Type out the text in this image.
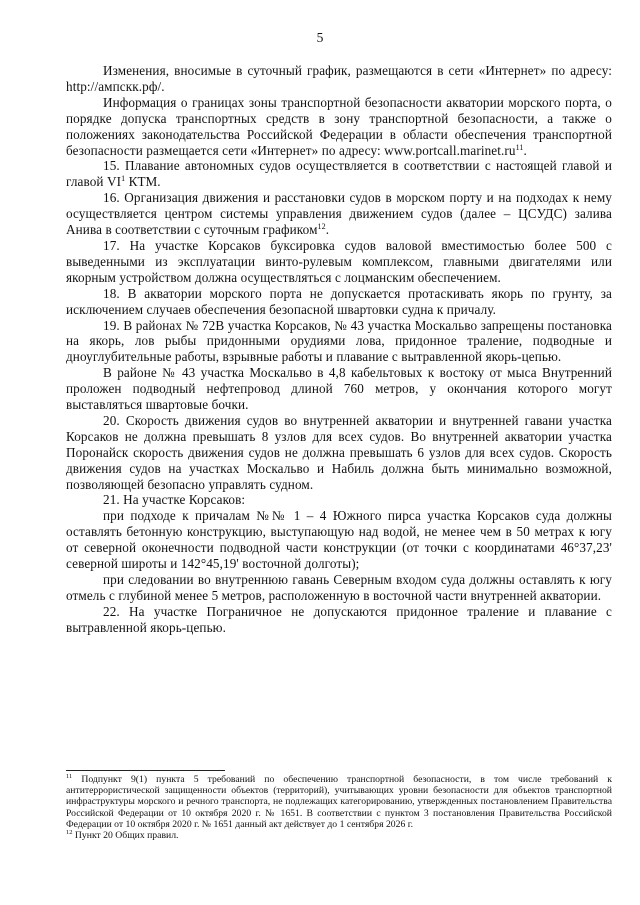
5

Изменения, вносимые в суточный график, размещаются в сети «Интернет» по адресу: http://ампскк.рф/.

Информация о границах зоны транспортной безопасности акватории морского порта, о порядке допуска транспортных средств в зону транспортной безопасности, а также о положениях законодательства Российской Федерации в области обеспечения транспортной безопасности размещается сети «Интернет» по адресу: $www.portcall.marinet.ru^{11}$.

15. Плавание автономных судов осуществляется в соответствии с настоящей главой и главой $VI^1$ КТМ.

16. Организация движения и расстановки судов в морском порту и на подходах к нему осуществляется центром системы управления движением судов (далее – ЦСУДС) залива Анива в соответствии с суточным графиком$^{12}$.

17. На участке Корсаков буксировка судов валовой вместимостью более 500 с выведенными из эксплуатации винто-рулевым комплексом, главными двигателями или якорным устройством должна осуществляться с лоцманским обеспечением.

18. В акватории морского порта не допускается протаскивать якорь по грунту, за исключением случаев обеспечения безопасной швартовки судна к причалу.

19. В районах № 72В участка Корсаков, № 43 участка Москальво запрещены постановка на якорь, лов рыбы придонными орудиями лова, придонное траление, подводные и дноуглубительные работы, взрывные работы и плавание с вытравленной якорь-цепью.

В районе № 43 участка Москальво в 4,8 кабельтовых к востоку от мыса Внутренний проложен подводный нефтепровод длиной 760 метров, у окончания которого могут выставляться швартовые бочки.

20. Скорость движения судов во внутренней акватории и внутренней гавани участка Корсаков не должна превышать 8 узлов для всех судов. Во внутренней акватории участка Поронайск скорость движения судов не должна превышать 6 узлов для всех судов. Скорость движения судов на участках Москальво и Набиль должна быть минимально возможной, позволяющей безопасно управлять судном.

21. На участке Корсаков:

при подходе к причалам №№ 1 – 4 Южного пирса участка Корсаков суда должны оставлять бетонную конструкцию, выступающую над водой, не менее чем в 50 метрах к югу от северной оконечности подводной части конструкции (от точки с координатами 46°37,23' северной широты и 142°45,19' восточной долготы);

при следовании во внутреннюю гавань Северным входом суда должны оставлять к югу отмель с глубиной менее 5 метров, расположенную в восточной части внутренней акватории.

22. На участке Пограничное не допускаются придонное траление и плавание с вытравленной якорь-цепью.

$^{11}$ Подпункт 9(1) пункта 5 требований по обеспечению транспортной безопасности, в том числе требований к антитеррористической защищенности объектов (территорий), учитывающих уровни безопасности для объектов транспортной инфраструктуры морского и речного транспорта, не подлежащих категорированию, утвержденных постановлением Правительства Российской Федерации от 10 октября 2020 г. № 1651. В соответствии с пунктом 3 постановления Правительства Российской Федерации от 10 октября 2020 г. № 1651 данный акт действует до 1 сентября 2026 г.

$^{12}$ Пункт 20 Общих правил.
